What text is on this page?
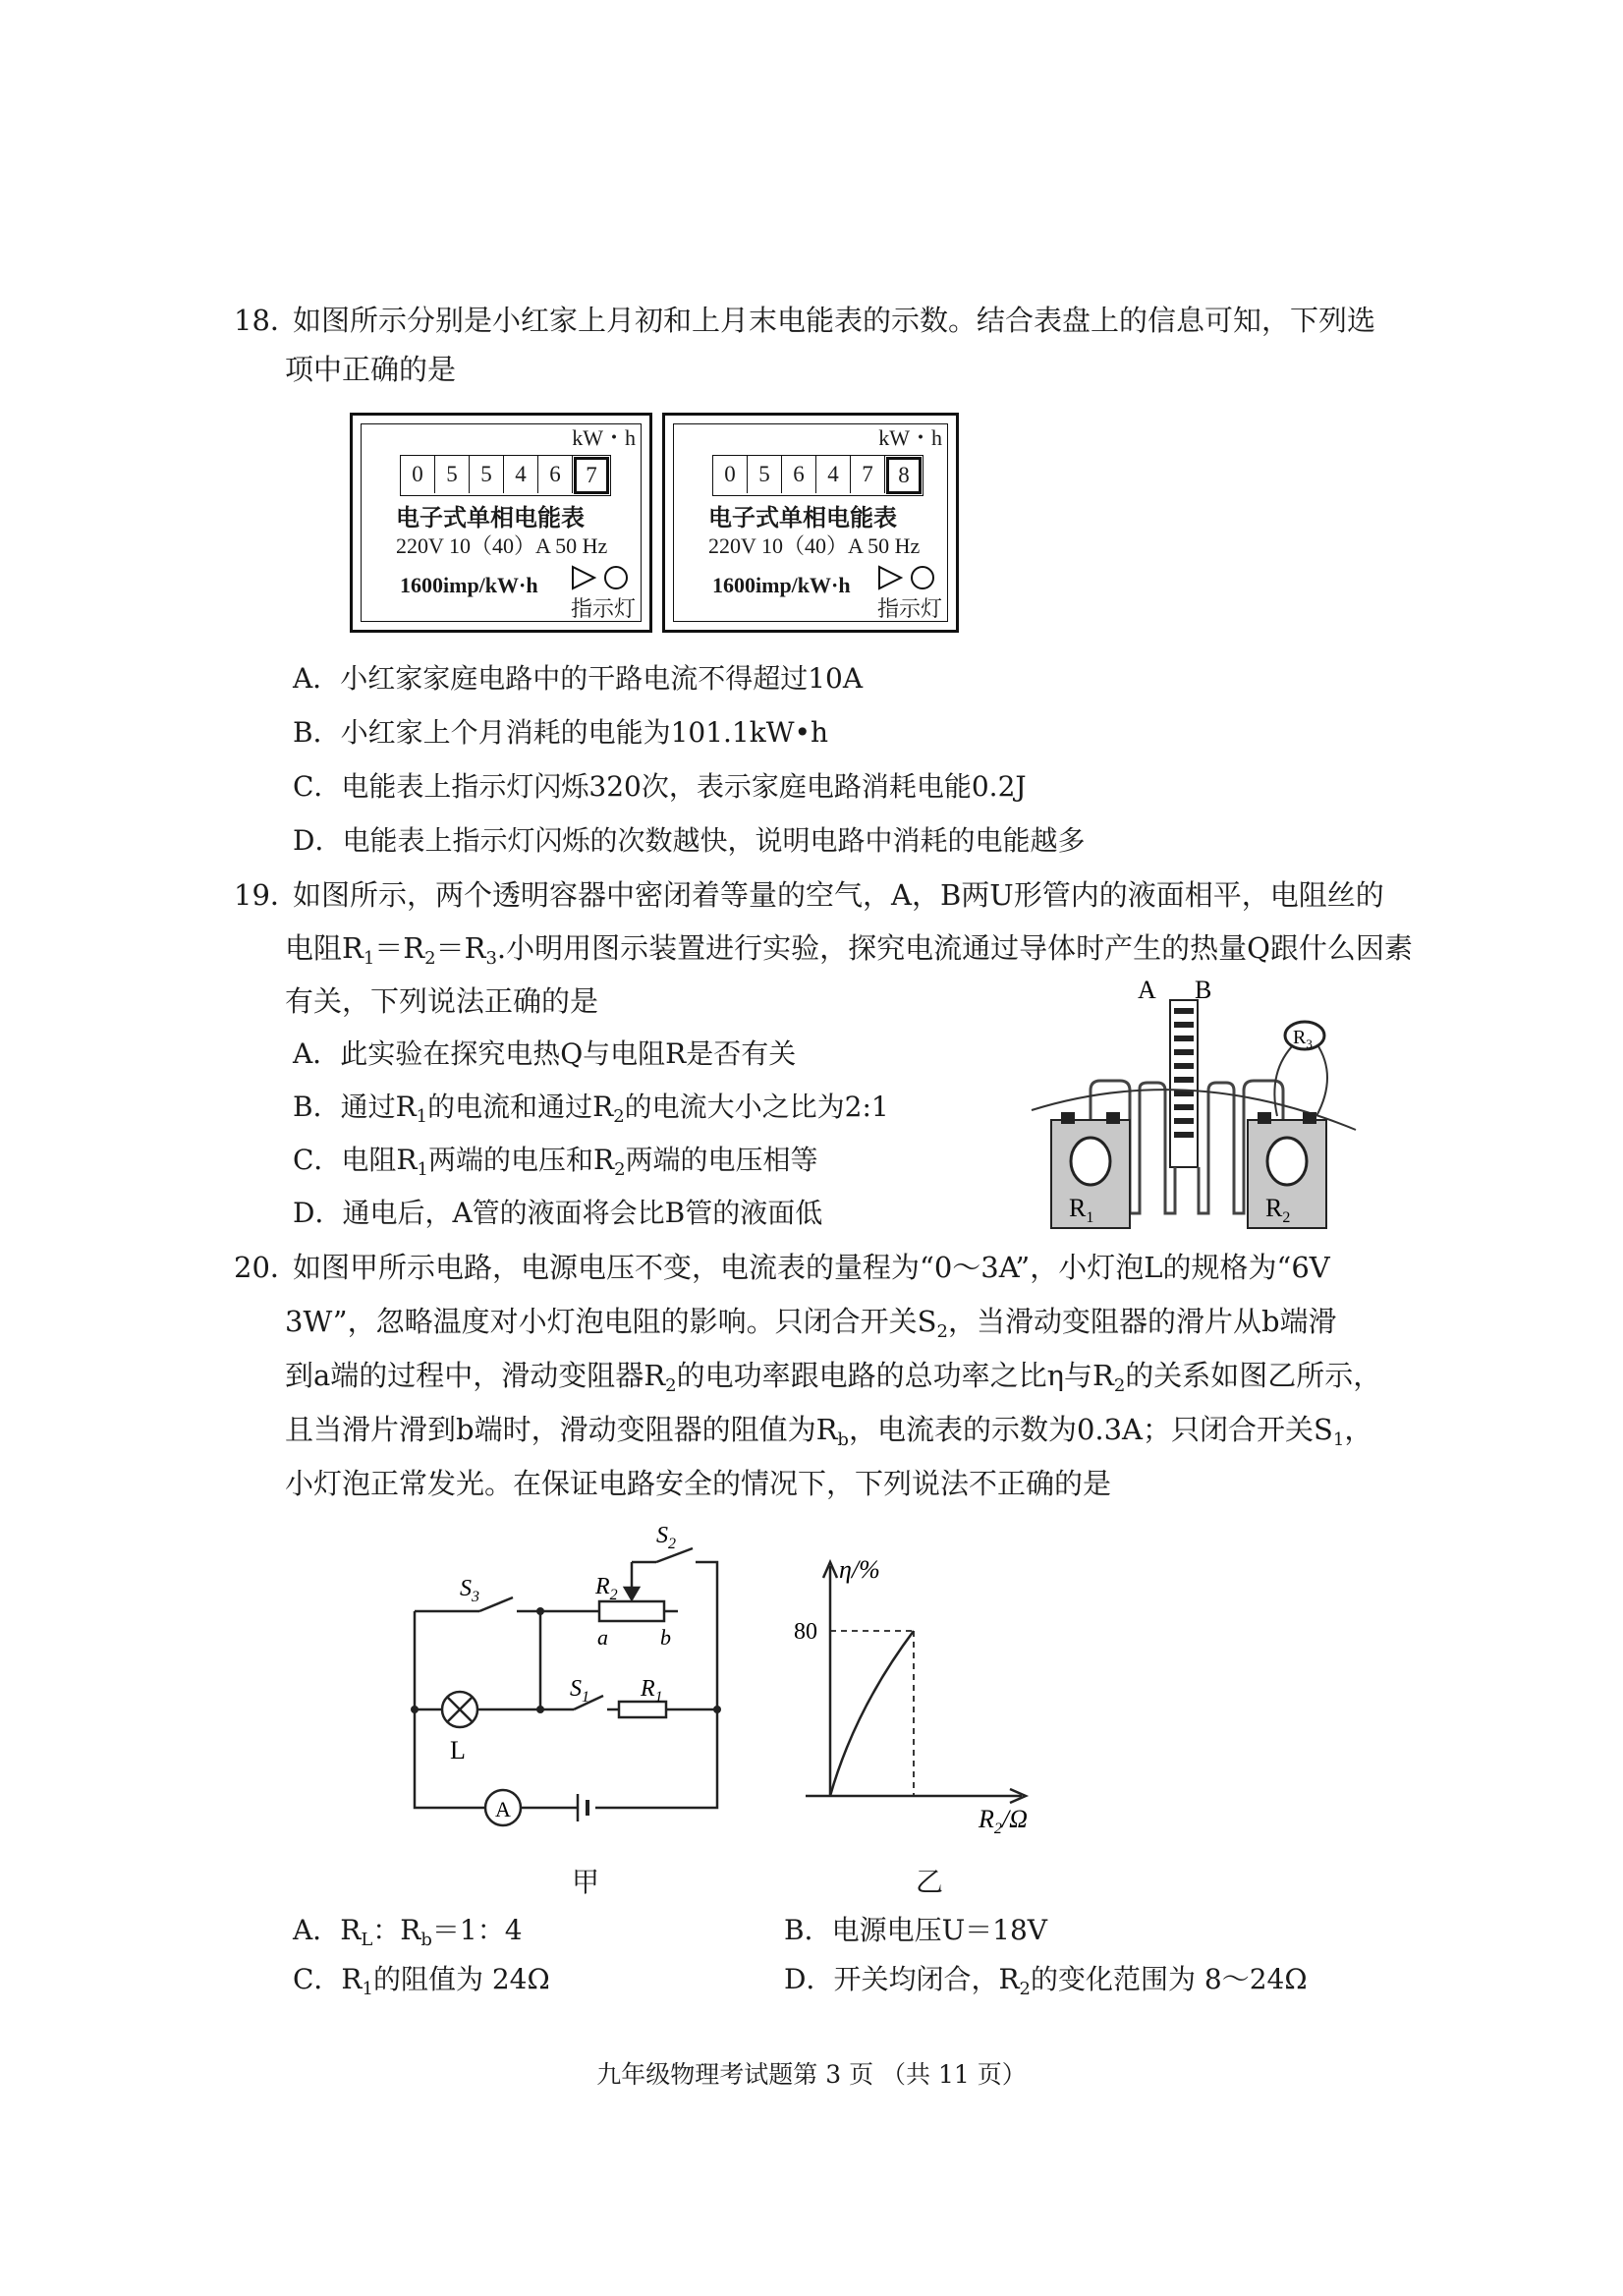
18．
如图所示分别是小红家上月初和上月末电能表的示数。结合表盘上的信息可知，下列选
项中正确的是
kW・h
0	5	5	4	6	7
电子式单相电能表
220V 10（40）A 50 Hz
1600imp/kW·h
指示灯
kW・h
0	5	6	4	7	8
电子式单相电能表
220V 10（40）A 50 Hz
1600imp/kW·h
指示灯
A．小红家家庭电路中的干路电流不得超过10A
B．小红家上个月消耗的电能为101.1kW•h
C．电能表上指示灯闪烁320次，表示家庭电路消耗电能0.2J
D．电能表上指示灯闪烁的次数越快，说明电路中消耗的电能越多
19．
如图所示，两个透明容器中密闭着等量的空气，A，B两U形管内的液面相平，电阻丝的
电阻$R_1=R_2=R_3$.小明用图示装置进行实验，探究电流通过导体时产生的热量Q跟什么因素
有关，下列说法正确的是
A．此实验在探究电热Q与电阻R是否有关
B．通过$R_1$的电流和通过$R_2$的电流大小之比为2:1
C．电阻$R_1$两端的电压和$R_2$两端的电压相等
D．通电后，A管的液面将会比B管的液面低
A B
$R_1$	$R_2$
$R_3$
20．
如图甲所示电路，电源电压不变，电流表的量程为“0～3A”，小灯泡L的规格为“6V
3W”，忽略温度对小灯泡电阻的影响。只闭合开关$S_2$，当滑动变阻器的滑片从b端滑
到a端的过程中，滑动变阻器$R_2$的电功率跟电路的总功率之比η与$R_2$的关系如图乙所示，
且当滑片滑到b端时，滑动变阻器的阻值为$R_b$，电流表的示数为0.3A；只闭合开关$S_1$，
小灯泡正常发光。在保证电路安全的情况下，下列说法不正确的是
A
L
$S_3$
$S_2$
$S_1$
$R_2$
$R_1$
a b
甲
η/%
80
$R_2/\Omega$
乙
A．$R_L$：$R_b=1$：4	B．电源电压U＝18V
C．$R_1$的阻值为 24Ω	D．开关均闭合，$R_2$的变化范围为 8～24Ω
九年级物理考试题第 3 页 （共 11 页）
